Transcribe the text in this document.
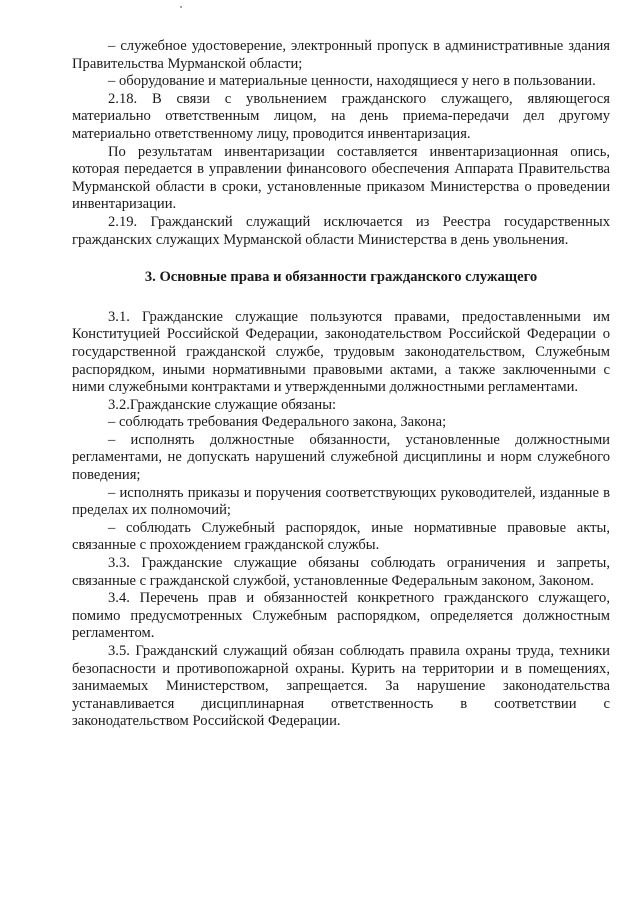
– служебное удостоверение, электронный пропуск в административные здания Правительства Мурманской области;

– оборудование и материальные ценности, находящиеся у него в пользовании.

2.18. В связи с увольнением гражданского служащего, являющегося материально ответственным лицом, на день приема-передачи дел другому материально ответственному лицу, проводится инвентаризация.

По результатам инвентаризации составляется инвентаризационная опись, которая передается в управлении финансового обеспечения Аппарата Правительства Мурманской области в сроки, установленные приказом Министерства о проведении инвентаризации.

2.19. Гражданский служащий исключается из Реестра государственных гражданских служащих Мурманской области Министерства в день увольнения.

3. Основные права и обязанности гражданского служащего

3.1. Гражданские служащие пользуются правами, предоставленными им Конституцией Российской Федерации, законодательством Российской Федерации о государственной гражданской службе, трудовым законодательством, Служебным распорядком, иными нормативными правовыми актами, а также заключенными с ними служебными контрактами и утвержденными должностными регламентами.

3.2.Гражданские служащие обязаны:

– соблюдать требования Федерального закона, Закона;

– исполнять должностные обязанности, установленные должностными регламентами, не допускать нарушений служебной дисциплины и норм служебного поведения;

– исполнять приказы и поручения соответствующих руководителей, изданные в пределах их полномочий;

– соблюдать Служебный распорядок, иные нормативные правовые акты, связанные с прохождением гражданской службы.

3.3. Гражданские служащие обязаны соблюдать ограничения и запреты, связанные с гражданской службой, установленные Федеральным законом, Законом.

3.4. Перечень прав и обязанностей конкретного гражданского служащего, помимо предусмотренных Служебным распорядком, определяется должностным регламентом.

3.5. Гражданский служащий обязан соблюдать правила охраны труда, техники безопасности и противопожарной охраны. Курить на территории и в помещениях, занимаемых Министерством, запрещается. За нарушение законодательства устанавливается дисциплинарная ответственность в соответствии с законодательством Российской Федерации.
